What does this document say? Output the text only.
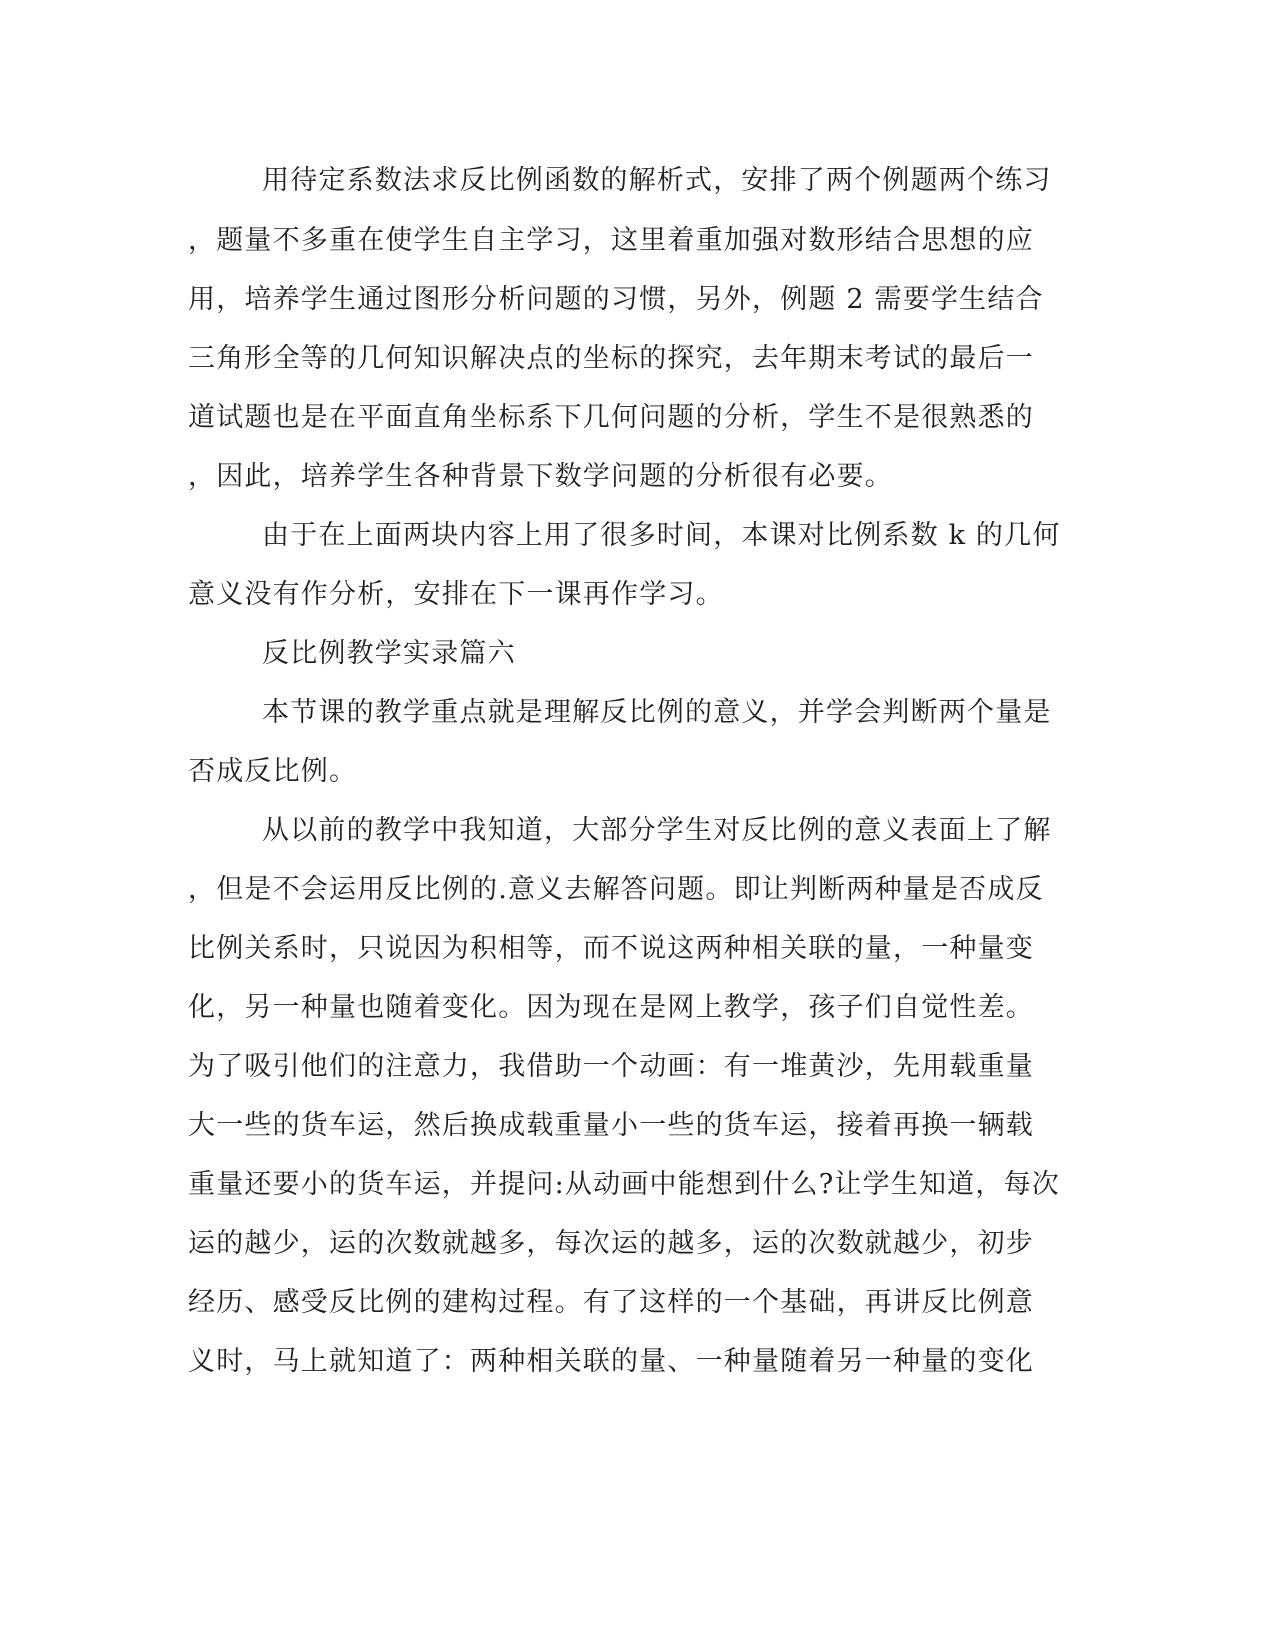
用待定系数法求反比例函数的解析式，安排了两个例题两个练习
，题量不多重在使学生自主学习，这里着重加强对数形结合思想的应
用，培养学生通过图形分析问题的习惯，另外，例题 2 需要学生结合
三角形全等的几何知识解决点的坐标的探究，去年期末考试的最后一
道试题也是在平面直角坐标系下几何问题的分析，学生不是很熟悉的
，因此，培养学生各种背景下数学问题的分析很有必要。
由于在上面两块内容上用了很多时间，本课对比例系数 k 的几何
意义没有作分析，安排在下一课再作学习。
反比例教学实录篇六
本节课的教学重点就是理解反比例的意义，并学会判断两个量是
否成反比例。
从以前的教学中我知道，大部分学生对反比例的意义表面上了解
，但是不会运用反比例的.意义去解答问题。即让判断两种量是否成反
比例关系时，只说因为积相等，而不说这两种相关联的量，一种量变
化，另一种量也随着变化。因为现在是网上教学，孩子们自觉性差。
为了吸引他们的注意力，我借助一个动画：有一堆黄沙，先用载重量
大一些的货车运，然后换成载重量小一些的货车运，接着再换一辆载
重量还要小的货车运，并提问:从动画中能想到什么?让学生知道，每次
运的越少，运的次数就越多，每次运的越多，运的次数就越少，初步
经历、感受反比例的建构过程。有了这样的一个基础，再讲反比例意
义时，马上就知道了：两种相关联的量、一种量随着另一种量的变化
